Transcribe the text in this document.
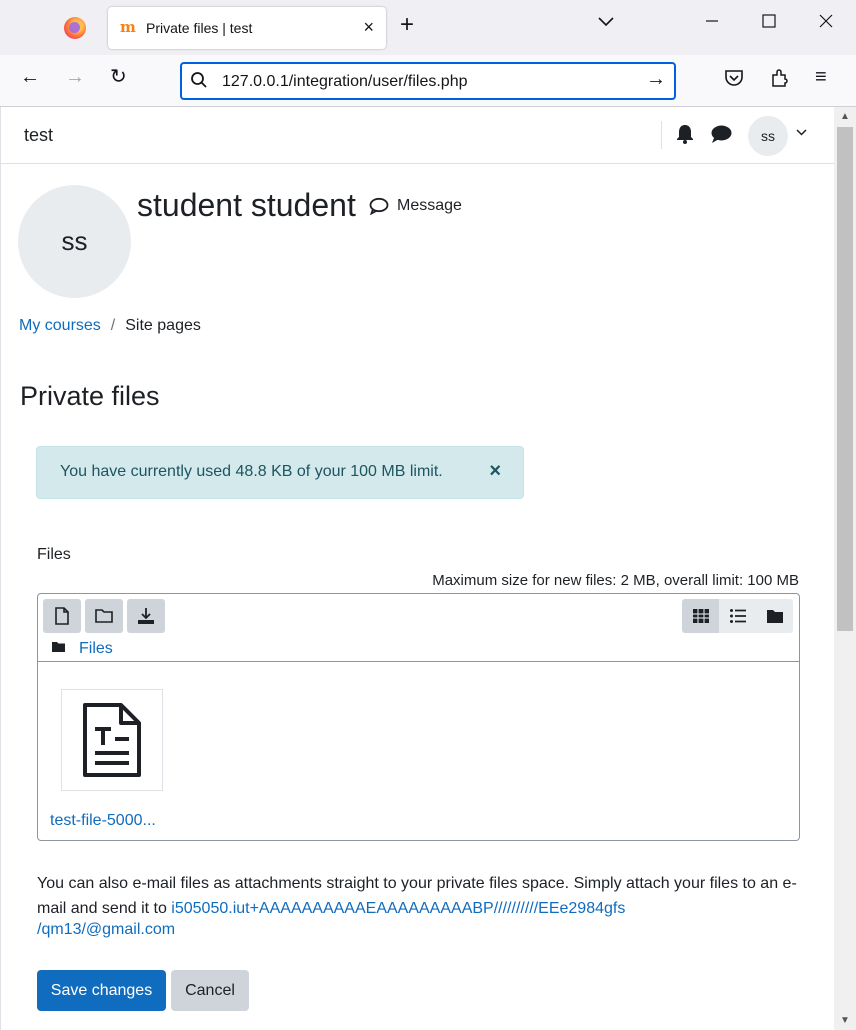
m Private files | test	× +
← → ↻	127.0.0.1/integration/user/files.php	→	≡
test	ss
ss
student student	Message
My courses / Site pages
Private files
You have currently used 48.8 KB of your 100 MB limit. ×
Files
Maximum size for new files: 2 MB, overall limit: 100 MB
Files
test-file-5000...
You can also e-mail files as attachments straight to your private files space. Simply attach your files to an e-mail and send it to i505050.iut+AAAAAAAAAAEAAAAAAAAABP//////////EEe2984gfs
/qm13/@gmail.com
Save changes	Cancel
▲
▼
